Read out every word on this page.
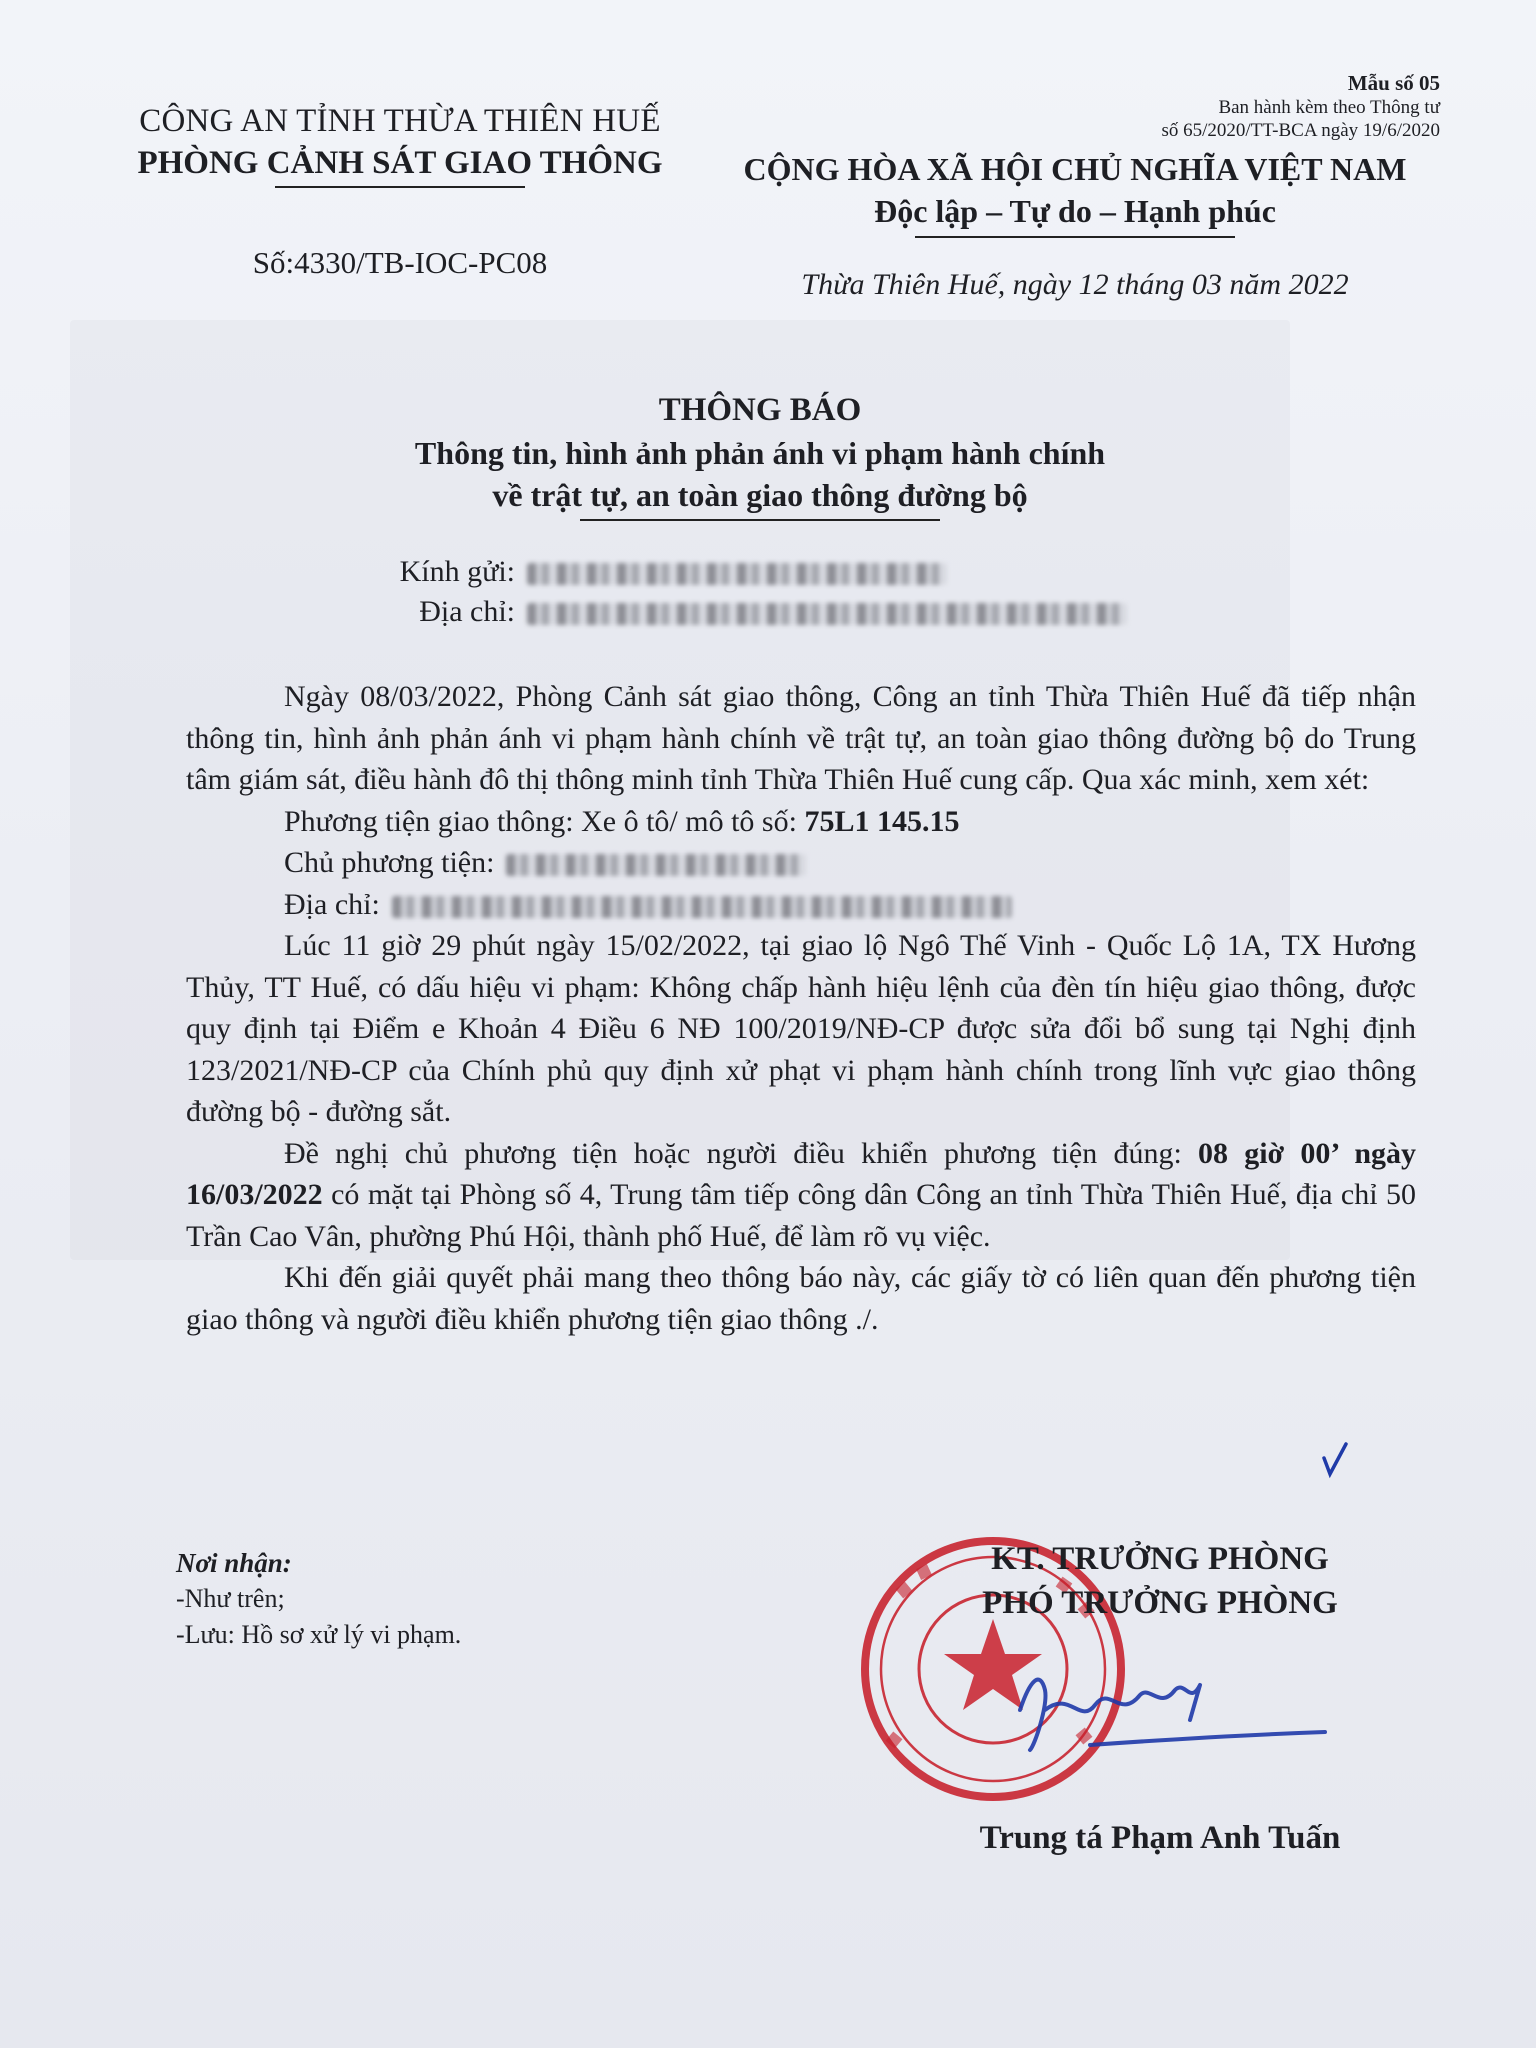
CÔNG AN TỈNH THỪA THIÊN HUẾ
PHÒNG CẢNH SÁT GIAO THÔNG
Số:4330/TB-IOC-PC08
Mẫu số 05
Ban hành kèm theo Thông tư
số 65/2020/TT-BCA ngày 19/6/2020
CỘNG HÒA XÃ HỘI CHỦ NGHĨA VIỆT NAM
Độc lập – Tự do – Hạnh phúc
Thừa Thiên Huế, ngày 12 tháng 03 năm 2022
THÔNG BÁO
Thông tin, hình ảnh phản ánh vi phạm hành chính
về trật tự, an toàn giao thông đường bộ
Kính gửi:
Địa chỉ:

Ngày 08/03/2022, Phòng Cảnh sát giao thông, Công an tỉnh Thừa Thiên Huế đã tiếp nhận thông tin, hình ảnh phản ánh vi phạm hành chính về trật tự, an toàn giao thông đường bộ do Trung tâm giám sát, điều hành đô thị thông minh tỉnh Thừa Thiên Huế cung cấp. Qua xác minh, xem xét:

Phương tiện giao thông: Xe ô tô/ mô tô số: 75L1 145.15

Chủ phương tiện:

Địa chỉ:

Lúc 11 giờ 29 phút ngày 15/02/2022, tại giao lộ Ngô Thế Vinh - Quốc Lộ 1A, TX Hương Thủy, TT Huế, có dấu hiệu vi phạm: Không chấp hành hiệu lệnh của đèn tín hiệu giao thông, được quy định tại Điểm e Khoản 4 Điều 6 NĐ 100/2019/NĐ-CP được sửa đổi bổ sung tại Nghị định 123/2021/NĐ-CP của Chính phủ quy định xử phạt vi phạm hành chính trong lĩnh vực giao thông đường bộ - đường sắt.

Đề nghị chủ phương tiện hoặc người điều khiển phương tiện đúng: 08 giờ 00’ ngày 16/03/2022 có mặt tại Phòng số 4, Trung tâm tiếp công dân Công an tỉnh Thừa Thiên Huế, địa chỉ 50 Trần Cao Vân, phường Phú Hội, thành phố Huế, để làm rõ vụ việc.

Khi đến giải quyết phải mang theo thông báo này, các giấy tờ có liên quan đến phương tiện giao thông và người điều khiển phương tiện giao thông ./.

Nơi nhận:
-Như trên;
-Lưu: Hồ sơ xử lý vi phạm.
KT. TRƯỞNG PHÒNG
PHÓ TRƯỞNG PHÒNG
Trung tá Phạm Anh Tuấn
